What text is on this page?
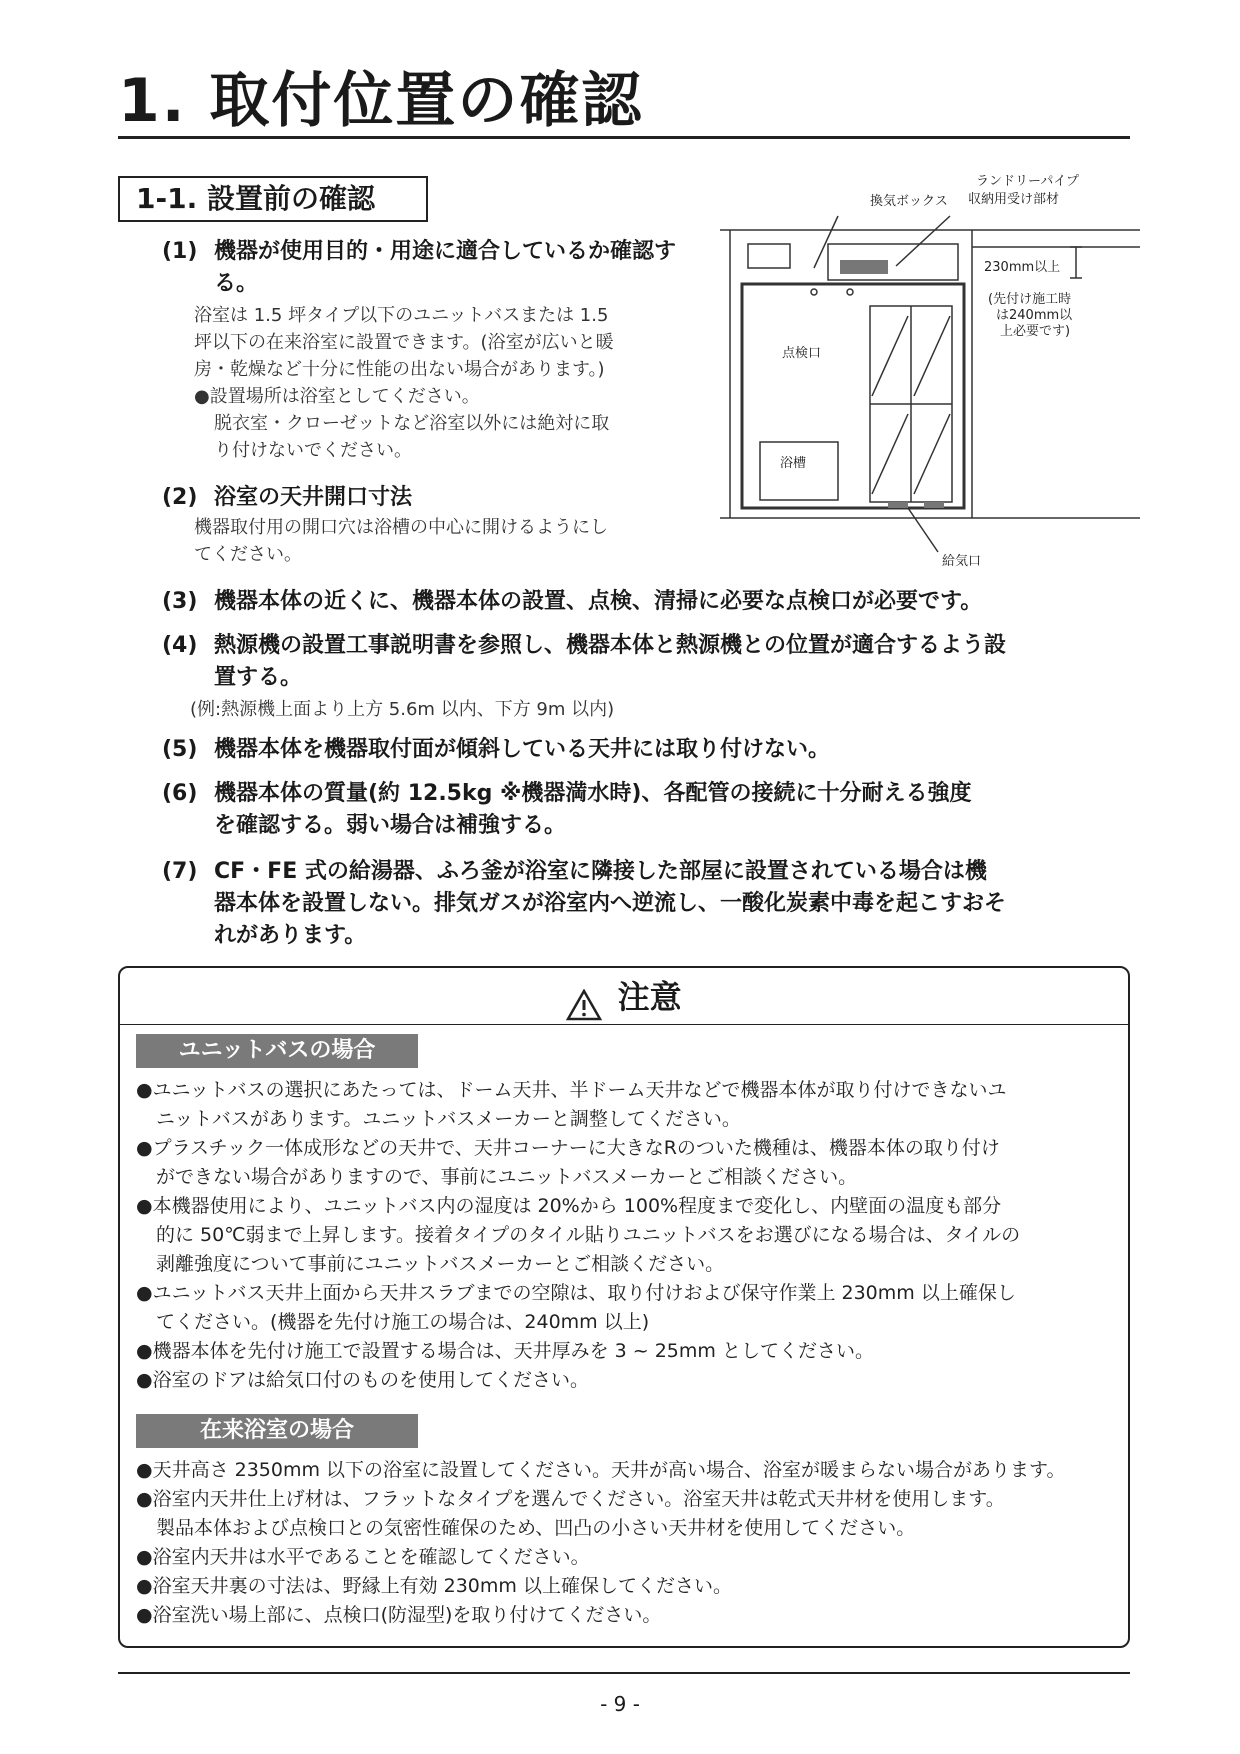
1. 取付位置の確認
1-1. 設置前の確認
(1) 機器が使用目的・用途に適合しているか確認する。
浴室は 1.5 坪タイプ以下のユニットバスまたは 1.5
坪以下の在来浴室に設置できます。(浴室が広いと暖
房・乾燥など十分に性能の出ない場合があります。)
● 設置場所は浴室としてください。
脱衣室・クローゼットなど浴室以外には絶対に取
り付けないでください。
(2) 浴室の天井開口寸法
機器取付用の開口穴は浴槽の中心に開けるようにし
てください。
(3) 機器本体の近くに、機器本体の設置、点検、清掃に必要な点検口が必要です。
(4) 熱源機の設置工事説明書を参照し、機器本体と熱源機との位置が適合するよう設
置する。
(例:熱源機上面より上方 5.6m 以内、下方 9m 以内)
(5) 機器本体を機器取付面が傾斜している天井には取り付けない。
(6) 機器本体の質量(約 12.5kg ※機器満水時)、各配管の接続に十分耐える強度
を確認する。弱い場合は補強する。
(7) CF・FE 式の給湯器、ふろ釜が浴室に隣接した部屋に設置されている場合は機
器本体を設置しない。排気ガスが浴室内へ逆流し、一酸化炭素中毒を起こすおそ
れがあります。
ランドリーパイプ
収納用受け部材
換気ボックス
230mm以上
(先付け施工時
は240mm以
上必要です)
点検口
浴槽
給気口
注意
ユニットバスの場合
●ユニットバスの選択にあたっては、ドーム天井、半ドーム天井などで機器本体が取り付けできないユ
ニットバスがあります。ユニットバスメーカーと調整してください。
●プラスチック一体成形などの天井で、天井コーナーに大きなRのついた機種は、機器本体の取り付け
ができない場合がありますので、事前にユニットバスメーカーとご相談ください。
●本機器使用により、ユニットバス内の湿度は 20%から 100%程度まで変化し、内壁面の温度も部分
的に 50℃弱まで上昇します。接着タイプのタイル貼りユニットバスをお選びになる場合は、タイルの
剥離強度について事前にユニットバスメーカーとご相談ください。
●ユニットバス天井上面から天井スラブまでの空隙は、取り付けおよび保守作業上 230mm 以上確保し
てください。(機器を先付け施工の場合は、240mm 以上)
●機器本体を先付け施工で設置する場合は、天井厚みを 3 ~ 25mm としてください。
●浴室のドアは給気口付のものを使用してください。
在来浴室の場合
●天井高さ 2350mm 以下の浴室に設置してください。天井が高い場合、浴室が暖まらない場合があります。
●浴室内天井仕上げ材は、フラットなタイプを選んでください。浴室天井は乾式天井材を使用します。
製品本体および点検口との気密性確保のため、凹凸の小さい天井材を使用してください。
●浴室内天井は水平であることを確認してください。
●浴室天井裏の寸法は、野縁上有効 230mm 以上確保してください。
●浴室洗い場上部に、点検口(防湿型)を取り付けてください。
- 9 -
